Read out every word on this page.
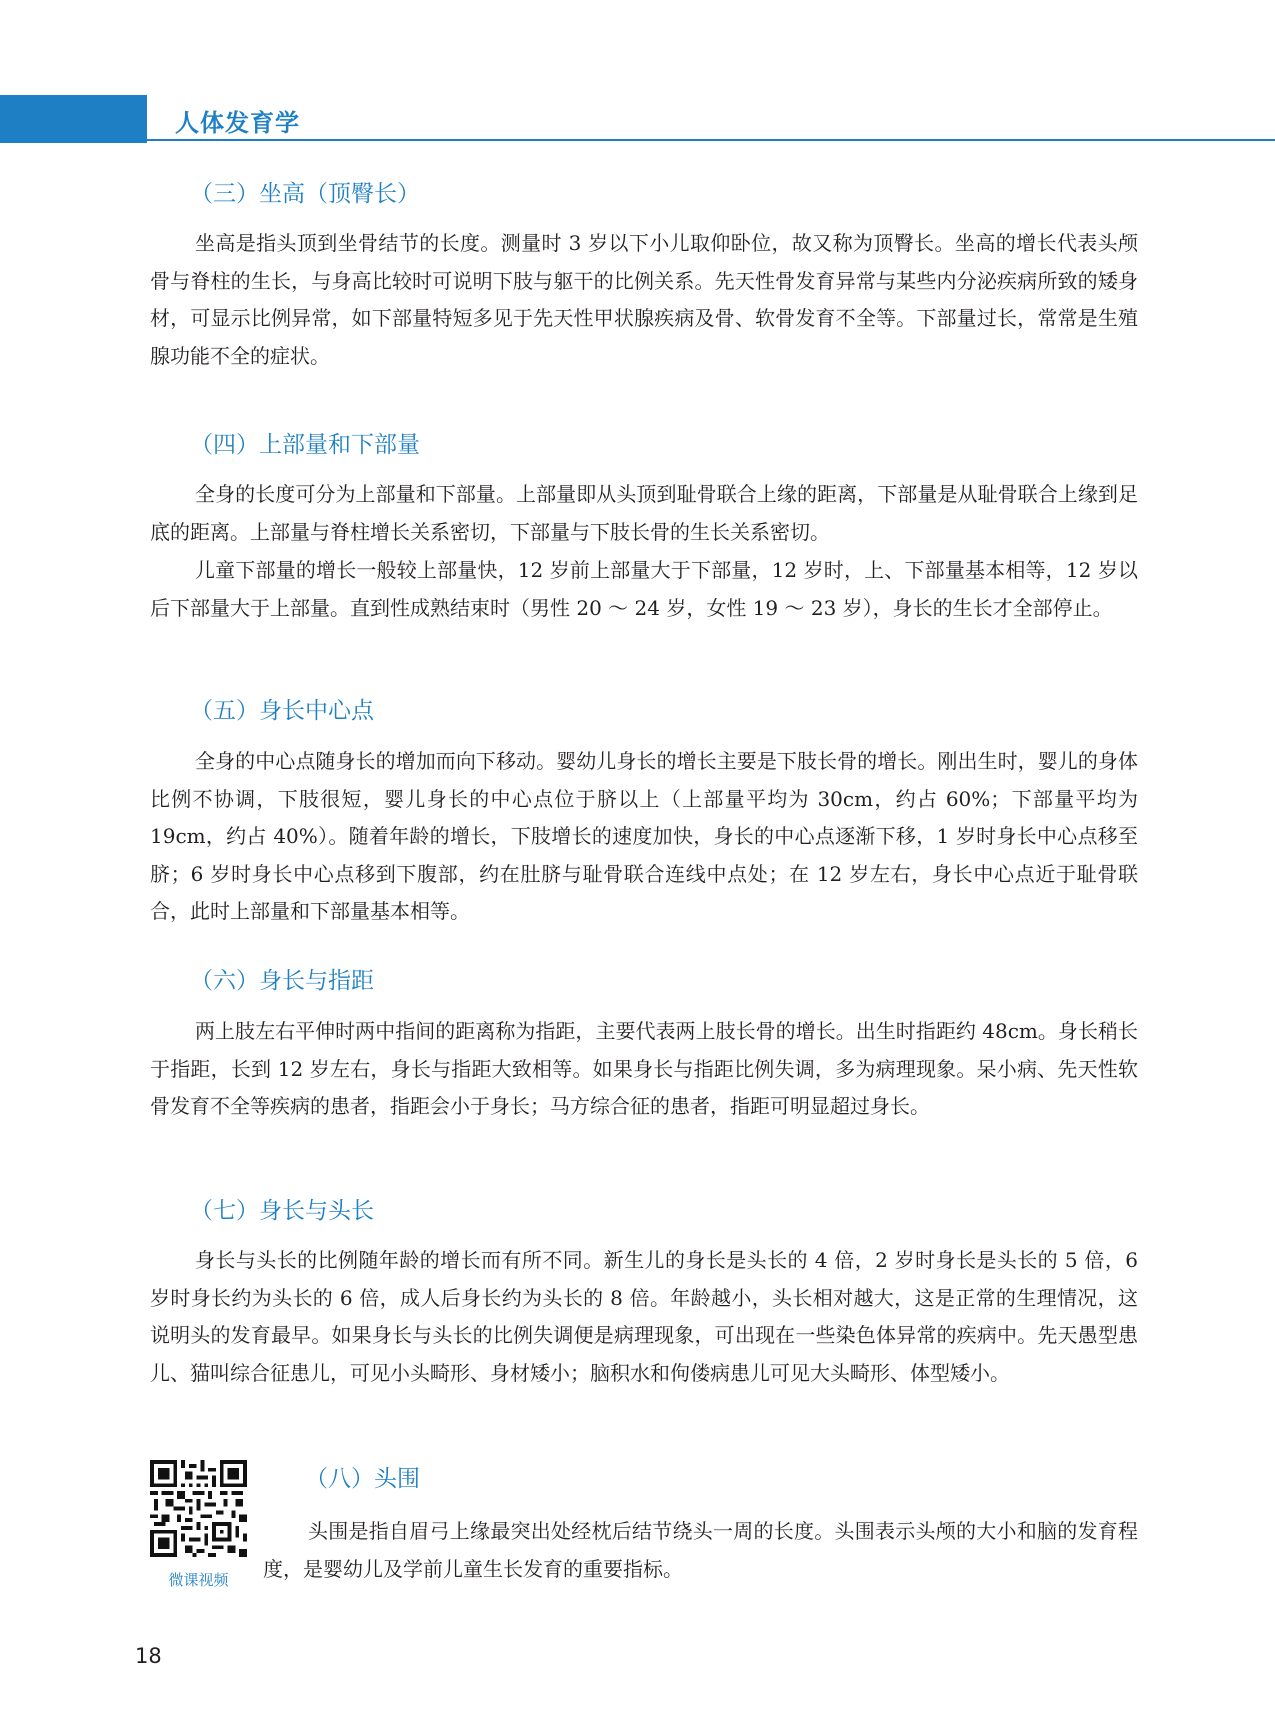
人体发育学
（三）坐高（顶臀长）

坐高是指头顶到坐骨结节的长度。测量时 3 岁以下小儿取仰卧位，故又称为顶臀长。坐高的增长代表头颅骨与脊柱的生长，与身高比较时可说明下肢与躯干的比例关系。先天性骨发育异常与某些内分泌疾病所致的矮身材，可显示比例异常，如下部量特短多见于先天性甲状腺疾病及骨、软骨发育不全等。下部量过长，常常是生殖腺功能不全的症状。

（四）上部量和下部量

全身的长度可分为上部量和下部量。上部量即从头顶到耻骨联合上缘的距离，下部量是从耻骨联合上缘到足底的距离。上部量与脊柱增长关系密切，下部量与下肢长骨的生长关系密切。

儿童下部量的增长一般较上部量快，12 岁前上部量大于下部量，12 岁时，上、下部量基本相等，12 岁以后下部量大于上部量。直到性成熟结束时（男性 20 ～ 24 岁，女性 19 ～ 23 岁），身长的生长才全部停止。

（五）身长中心点

全身的中心点随身长的增加而向下移动。婴幼儿身长的增长主要是下肢长骨的增长。刚出生时，婴儿的身体比例不协调，下肢很短，婴儿身长的中心点位于脐以上（上部量平均为 30cm，约占 60%；下部量平均为 19cm，约占 40%）。随着年龄的增长，下肢增长的速度加快，身长的中心点逐渐下移，1 岁时身长中心点移至脐；6 岁时身长中心点移到下腹部，约在肚脐与耻骨联合连线中点处；在 12 岁左右，身长中心点近于耻骨联合，此时上部量和下部量基本相等。

（六）身长与指距

两上肢左右平伸时两中指间的距离称为指距，主要代表两上肢长骨的增长。出生时指距约 48cm。身长稍长于指距，长到 12 岁左右，身长与指距大致相等。如果身长与指距比例失调，多为病理现象。呆小病、先天性软骨发育不全等疾病的患者，指距会小于身长；马方综合征的患者，指距可明显超过身长。

（七）身长与头长

身长与头长的比例随年龄的增长而有所不同。新生儿的身长是头长的 4 倍，2 岁时身长是头长的 5 倍，6 岁时身长约为头长的 6 倍，成人后身长约为头长的 8 倍。年龄越小，头长相对越大，这是正常的生理情况，这说明头的发育最早。如果身长与头长的比例失调便是病理现象，可出现在一些染色体异常的疾病中。先天愚型患儿、猫叫综合征患儿，可见小头畸形、身材矮小；脑积水和佝偻病患儿可见大头畸形、体型矮小。

（八）头围

头围是指自眉弓上缘最突出处经枕后结节绕头一周的长度。头围表示头颅的大小和脑的发育程度，是婴幼儿及学前儿童生长发育的重要指标。

微课视频
18
